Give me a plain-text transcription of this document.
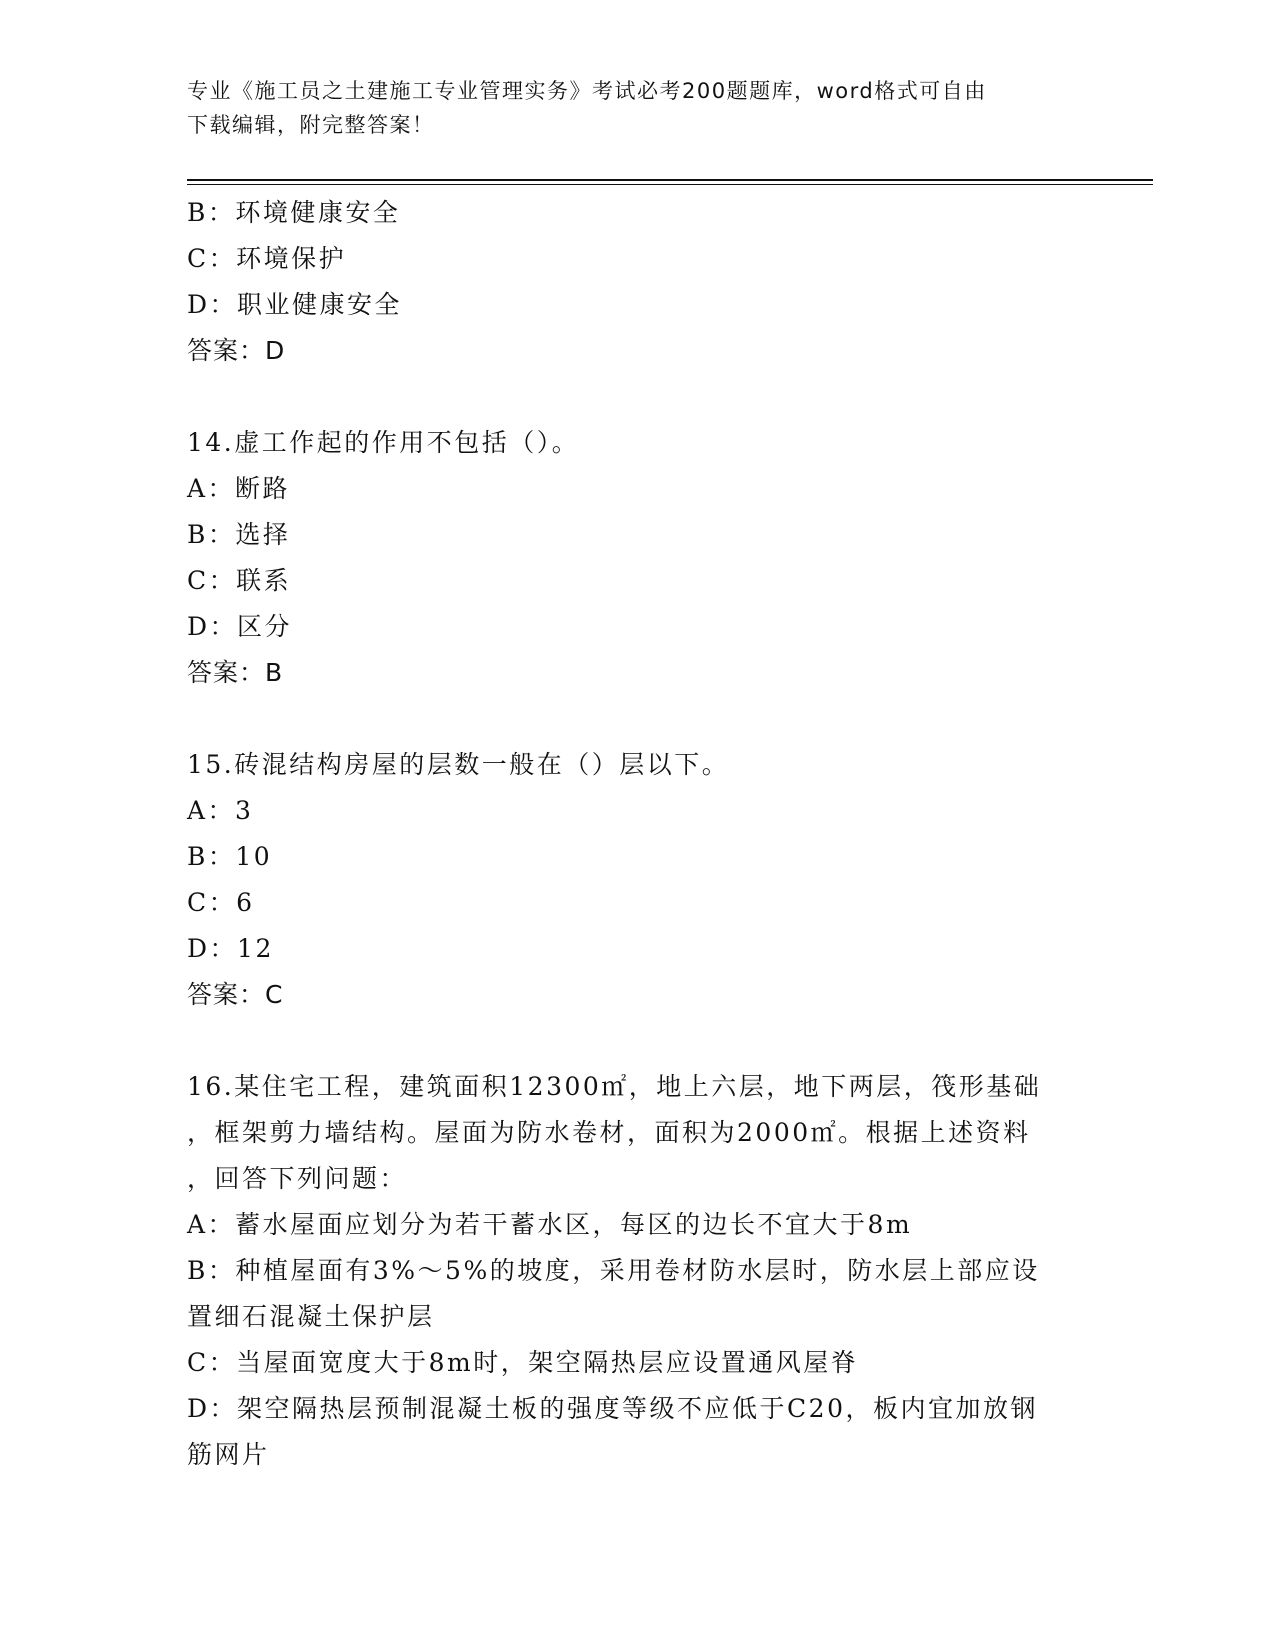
专业《施工员之土建施工专业管理实务》考试必考200题题库，word格式可自由
下载编辑，附完整答案！
B：环境健康安全
C：环境保护
D：职业健康安全
答案：D
14.虚工作起的作用不包括（）。
A：断路
B：选择
C：联系
D：区分
答案：B
15.砖混结构房屋的层数一般在（）层以下。
A：3
B：10
C：6
D：12
答案：C
16.某住宅工程，建筑面积12300㎡，地上六层，地下两层，筏形基础
，框架剪力墙结构。屋面为防水卷材，面积为2000㎡。根据上述资料
，回答下列问题：
A：蓄水屋面应划分为若干蓄水区，每区的边长不宜大于8m
B：种植屋面有3%～5%的坡度，采用卷材防水层时，防水层上部应设
置细石混凝土保护层
C：当屋面宽度大于8m时，架空隔热层应设置通风屋脊
D：架空隔热层预制混凝土板的强度等级不应低于C20，板内宜加放钢
筋网片
